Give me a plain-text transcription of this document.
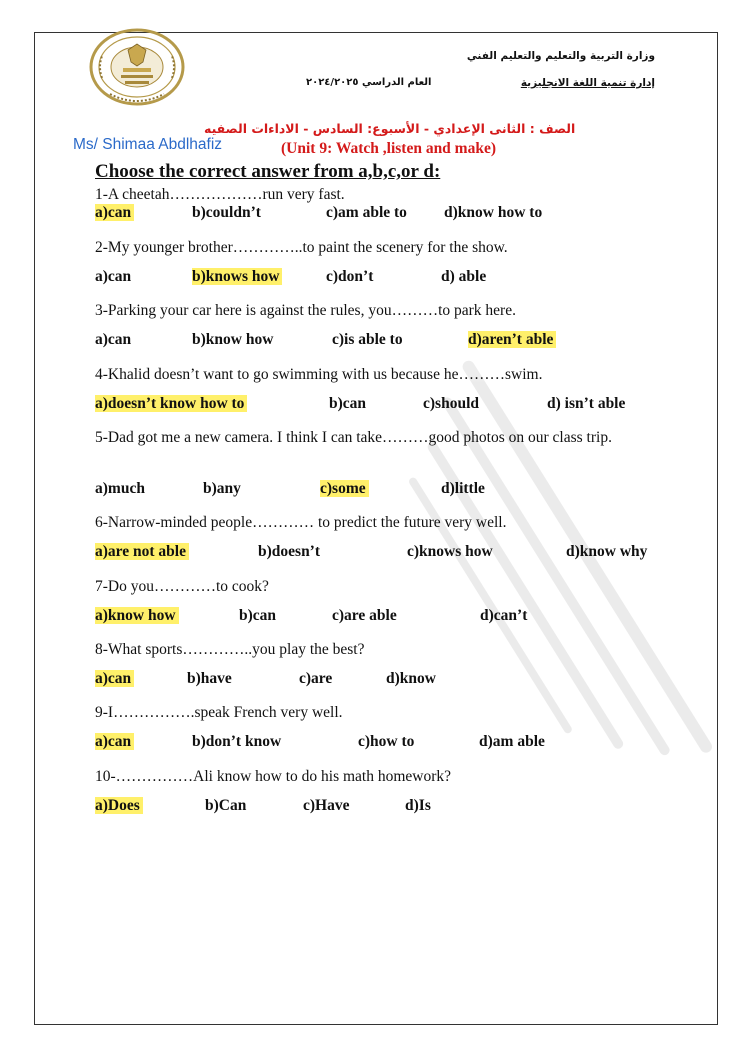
وزارة التربية والتعليم والتعليم الفني
إدارة تنمية اللغة الانجليزية
العام الدراسي ٢٠٢٤/٢٠٢٥
الصف : الثانى الإعدادي - الأسبوع: السادس - الاداءات الصفيه
Ms/ Shimaa Abdlhafiz	(Unit 9: Watch ,listen and make)
Choose the correct answer from a,b,c,or d:
1-A cheetah………………run very fast.
a)can	b)couldn’t	c)am able to d)know how to
2-My younger brother…………..to paint the scenery for the show.
a)can	b)knows how	c)don’t	d) able
3-Parking your car here is against the rules, you………to park here.
a)can	b)know how	c)is able to	d)aren’t able
4-Khalid doesn’t want to go swimming with us because he………swim.
a)doesn’t know how to	b)can	c)should	d) isn’t able
5-Dad got me a new camera. I think I can take………good photos on our class trip.
a)much	b)any	c)some	d)little
6-Narrow-minded people………… to predict the future very well.
a)are not able	b)doesn’t	c)knows how	d)know why
7-Do you…………to cook?
a)know how	b)can	c)are able	d)can’t
8-What sports…………..you play the best?
a)can	b)have	c)are	d)know
9-I…………….speak French very well.
a)can	b)don’t know	c)how to	d)am able
10-……………Ali know how to do his math homework?
a)Does	b)Can	c)Have	d)Is
